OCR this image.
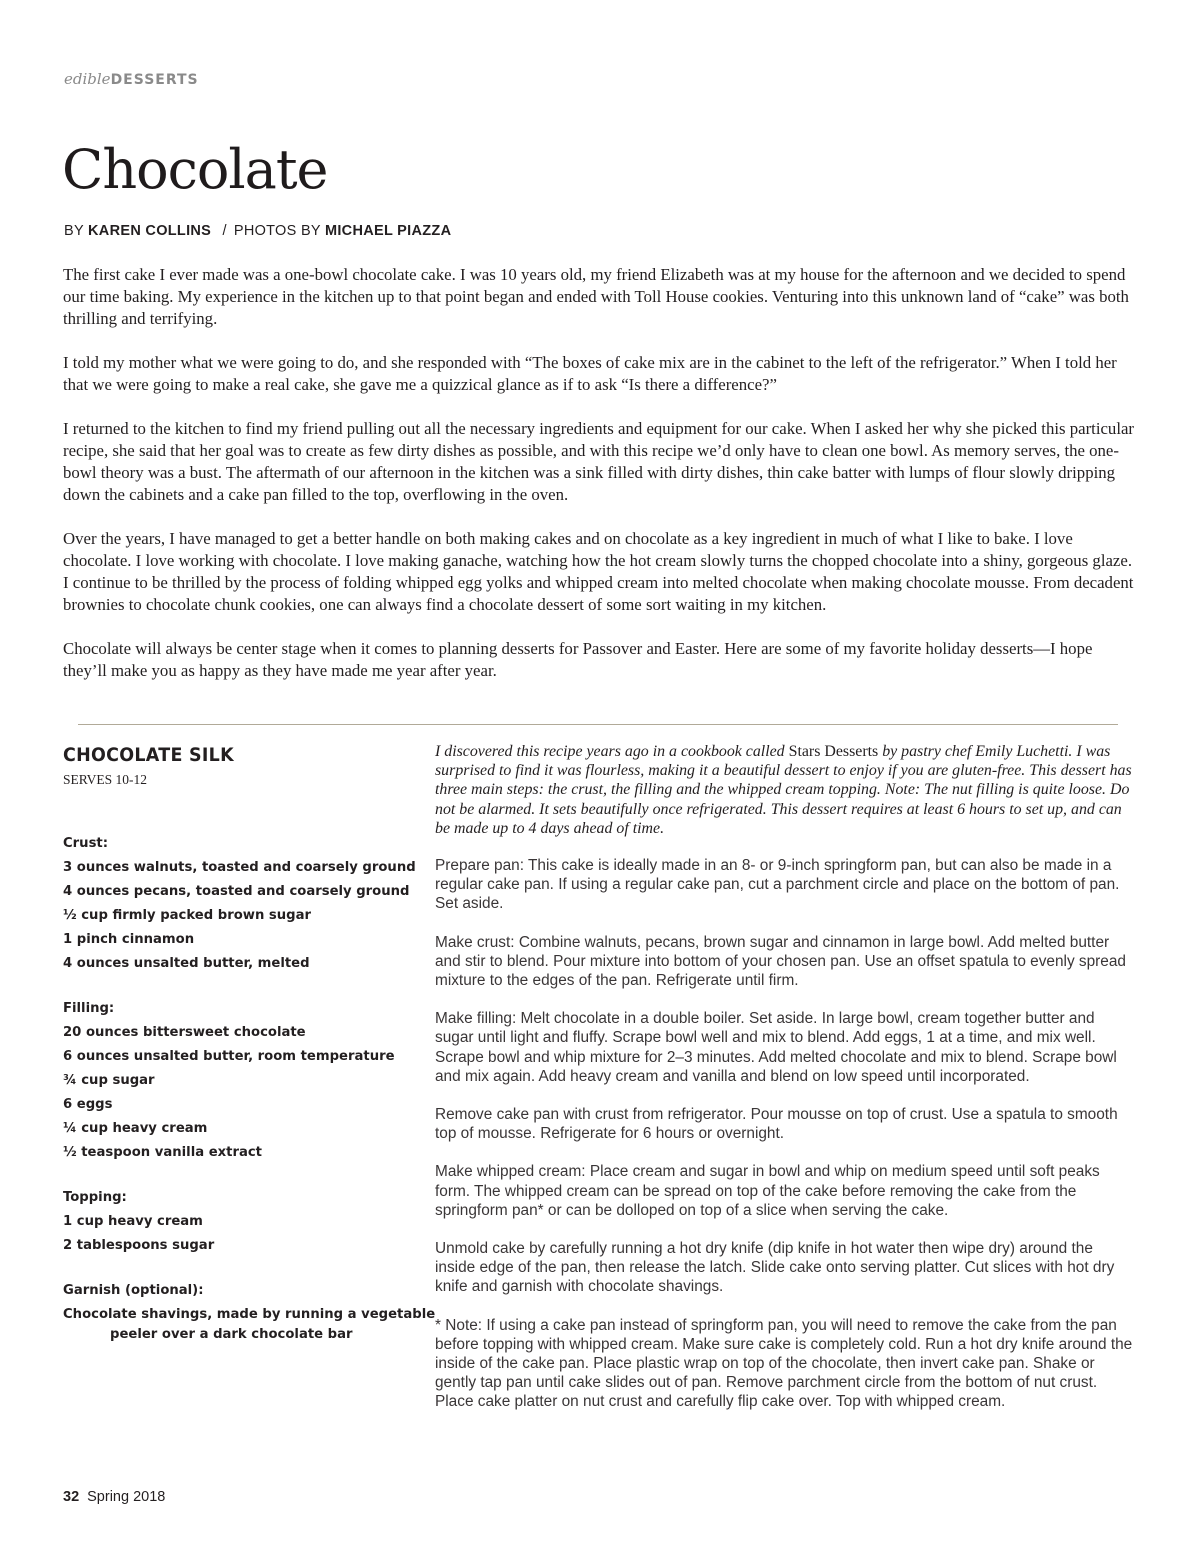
edibleDESSERTS
Chocolate
BY KAREN COLLINS / PHOTOS BY MICHAEL PIAZZA

The first cake I ever made was a one-bowl chocolate cake. I was 10 years old, my friend Elizabeth was at my house for the afternoon and we decided to spend our time baking. My experience in the kitchen up to that point began and ended with Toll House cookies. Venturing into this unknown land of “cake” was both thrilling and terrifying.

I told my mother what we were going to do, and she responded with “The boxes of cake mix are in the cabinet to the left of the refrigerator.” When I told her that we were going to make a real cake, she gave me a quizzical glance as if to ask “Is there a difference?”

I returned to the kitchen to find my friend pulling out all the necessary ingredients and equipment for our cake. When I asked her why she picked this particular recipe, she said that her goal was to create as few dirty dishes as possible, and with this recipe we’d only have to clean one bowl. As memory serves, the one-bowl theory was a bust. The aftermath of our afternoon in the kitchen was a sink filled with dirty dishes, thin cake batter with lumps of flour slowly dripping down the cabinets and a cake pan filled to the top, overflowing in the oven.

Over the years, I have managed to get a better handle on both making cakes and on chocolate as a key ingredient in much of what I like to bake. I love chocolate. I love working with chocolate. I love making ganache, watching how the hot cream slowly turns the chopped chocolate into a shiny, gorgeous glaze. I continue to be thrilled by the process of folding whipped egg yolks and whipped cream into melted chocolate when making chocolate mousse. From decadent brownies to chocolate chunk cookies, one can always find a chocolate dessert of some sort waiting in my kitchen.

Chocolate will always be center stage when it comes to planning desserts for Passover and Easter. Here are some of my favorite holiday desserts—I hope they’ll make you as happy as they have made me year after year.

CHOCOLATE SILK
SERVES 10-12
Crust:
3 ounces walnuts, toasted and coarsely ground
4 ounces pecans, toasted and coarsely ground
½ cup firmly packed brown sugar
1 pinch cinnamon
4 ounces unsalted butter, melted
Filling:
20 ounces bittersweet chocolate
6 ounces unsalted butter, room temperature
¾ cup sugar
6 eggs
¼ cup heavy cream
½ teaspoon vanilla extract
Topping:
1 cup heavy cream
2 tablespoons sugar
Garnish (optional):
Chocolate shavings, made by running a vegetable peeler over a dark chocolate bar

I discovered this recipe years ago in a cookbook called Stars Desserts by pastry chef Emily Luchetti. I was surprised to find it was flourless, making it a beautiful dessert to enjoy if you are gluten-free. This dessert has three main steps: the crust, the filling and the whipped cream topping. Note: The nut filling is quite loose. Do not be alarmed. It sets beautifully once refrigerated. This dessert requires at least 6 hours to set up, and can be made up to 4 days ahead of time.

Prepare pan: This cake is ideally made in an 8- or 9-inch springform pan, but can also be made in a regular cake pan. If using a regular cake pan, cut a parchment circle and place on the bottom of pan. Set aside.

Make crust: Combine walnuts, pecans, brown sugar and cinnamon in large bowl. Add melted butter and stir to blend. Pour mixture into bottom of your chosen pan. Use an offset spatula to evenly spread mixture to the edges of the pan. Refrigerate until firm.

Make filling: Melt chocolate in a double boiler. Set aside. In large bowl, cream together butter and sugar until light and fluffy. Scrape bowl well and mix to blend. Add eggs, 1 at a time, and mix well. Scrape bowl and whip mixture for 2–3 minutes. Add melted chocolate and mix to blend. Scrape bowl and mix again. Add heavy cream and vanilla and blend on low speed until incorporated.

Remove cake pan with crust from refrigerator. Pour mousse on top of crust. Use a spatula to smooth top of mousse. Refrigerate for 6 hours or overnight.

Make whipped cream: Place cream and sugar in bowl and whip on medium speed until soft peaks form. The whipped cream can be spread on top of the cake before removing the cake from the springform pan* or can be dolloped on top of a slice when serving the cake.

Unmold cake by carefully running a hot dry knife (dip knife in hot water then wipe dry) around the inside edge of the pan, then release the latch. Slide cake onto serving platter. Cut slices with hot dry knife and garnish with chocolate shavings.

* Note: If using a cake pan instead of springform pan, you will need to remove the cake from the pan before topping with whipped cream. Make sure cake is completely cold. Run a hot dry knife around the inside of the cake pan. Place plastic wrap on top of the chocolate, then invert cake pan. Shake or gently tap pan until cake slides out of pan. Remove parchment circle from the bottom of nut crust. Place cake platter on nut crust and carefully flip cake over. Top with whipped cream.

32 Spring 2018
